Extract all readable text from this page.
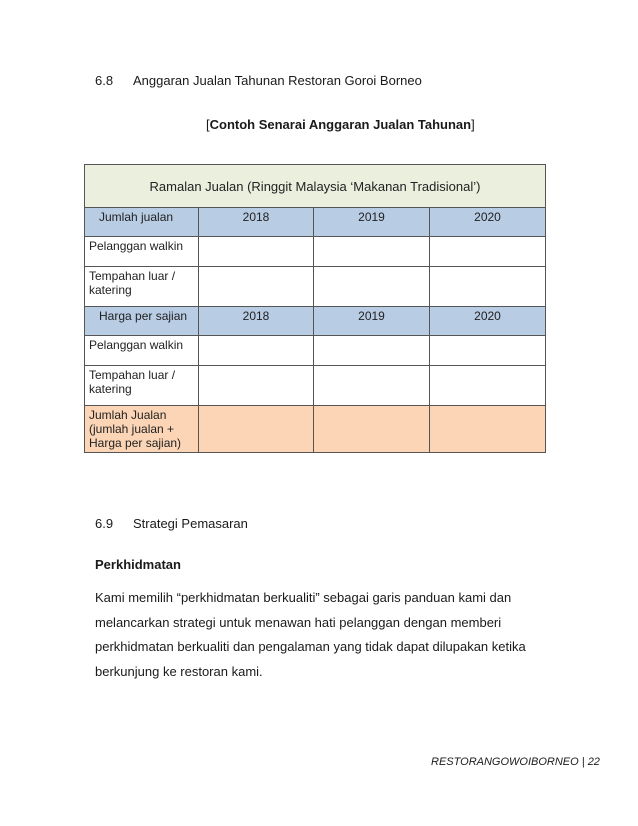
6.8 Anggaran Jualan Tahunan Restoran Goroi Borneo
[Contoh Senarai Anggaran Jualan Tahunan]
Ramalan Jualan (Ringgit Malaysia ‘Makanan Tradisional’)			
Jumlah jualan	2018	2019	2020
Pelanggan walkin			
Tempahan luar / katering			
Harga per sajian	2018	2019	2020
Pelanggan walkin			
Tempahan luar / katering			
Jumlah Jualan (jumlah jualan + Harga per sajian)			
6.9 Strategi Pemasaran
Perkhidmatan
Kami memilih “perkhidmatan berkualiti” sebagai garis panduan kami dan melancarkan strategi untuk menawan hati pelanggan dengan memberi perkhidmatan berkualiti dan pengalaman yang tidak dapat dilupakan ketika berkunjung ke restoran kami.
RESTORANGOWOIBORNEO | 22
